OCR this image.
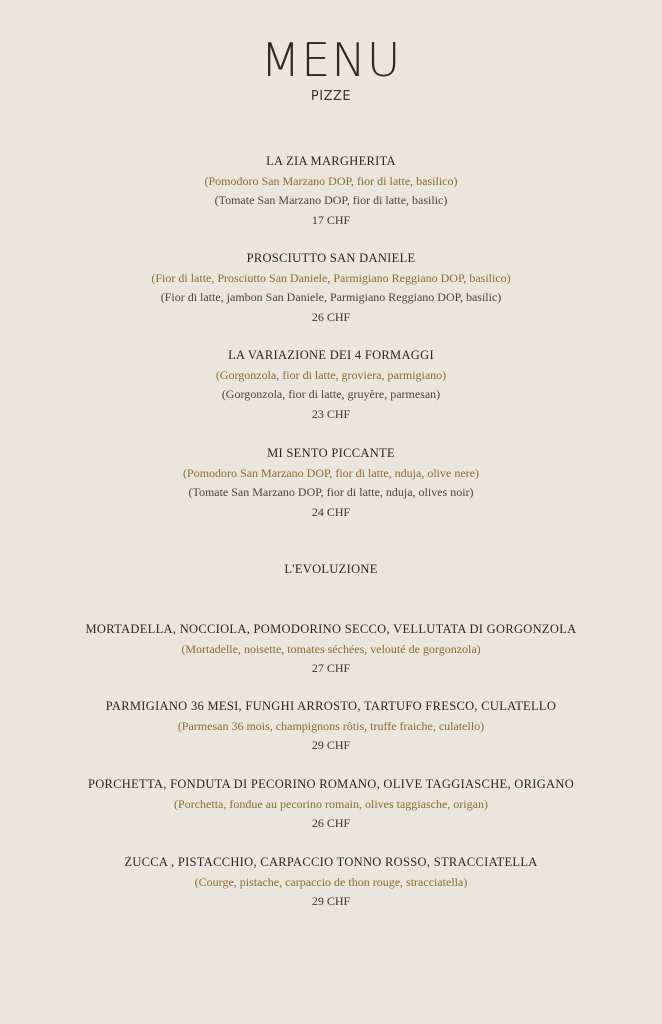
MENU
PIZZE
LA ZIA MARGHERITA
(Pomodoro San Marzano DOP, fior di latte, basilico)
(Tomate San Marzano DOP, fior di latte, basilic)
17 CHF
PROSCIUTTO SAN DANIELE
(Fior di latte, Prosciutto San Daniele, Parmigiano Reggiano DOP, basilico)
(Fior di latte, jambon San Daniele, Parmigiano Reggiano DOP, basilic)
26 CHF
LA VARIAZIONE DEI 4 FORMAGGI
(Gorgonzola, fior di latte, groviera, parmigiano)
(Gorgonzola, fior di latte, gruyère, parmesan)
23 CHF
MI SENTO PICCANTE
(Pomodoro San Marzano DOP, fior di latte, nduja, olive nere)
(Tomate San Marzano DOP, fior di latte, nduja, olives noir)
24 CHF
L'EVOLUZIONE
MORTADELLA, NOCCIOLA, POMODORINO SECCO, VELLUTATA DI GORGONZOLA
(Mortadelle, noisette, tomates séchées, velouté de gorgonzola)
27 CHF
PARMIGIANO 36 MESI, FUNGHI ARROSTO, TARTUFO FRESCO, CULATELLO
(Parmesan 36 mois, champignons rôtis, truffe fraiche, culatello)
29 CHF
PORCHETTA, FONDUTA DI PECORINO ROMANO, OLIVE TAGGIASCHE, ORIGANO
(Porchetta, fondue au pecorino romain, olives taggiasche, origan)
26 CHF
ZUCCA , PISTACCHIO, CARPACCIO TONNO ROSSO, STRACCIATELLA
(Courge, pistache, carpaccio de thon rouge, stracciatella)
29 CHF
